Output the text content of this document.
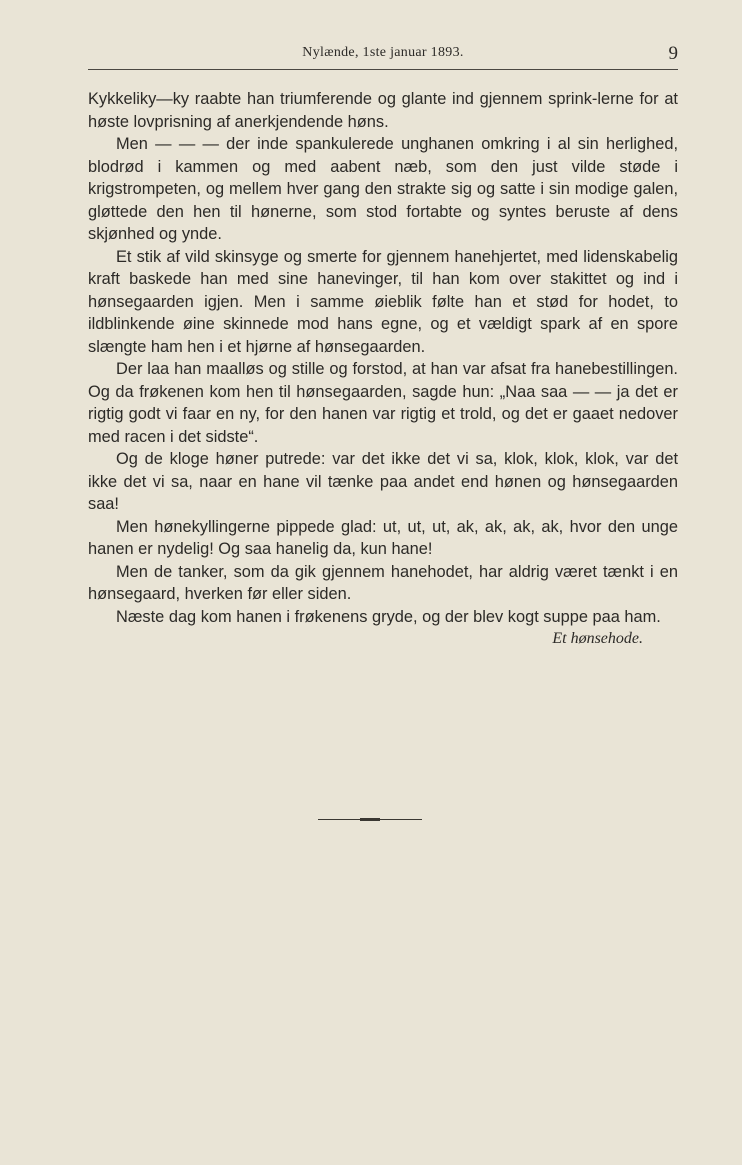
Nylænde, 1ste januar 1893.	9

Kykkeliky—ky raabte han triumferende og glante ind gjennem sprink-lerne for at høste lovprisning af anerkjendende høns.

Men — — — der inde spankulerede unghanen omkring i al sin herlighed, blodrød i kammen og med aabent næb, som den just vilde støde i krigstrompeten, og mellem hver gang den strakte sig og satte i sin modige galen, gløttede den hen til hønerne, som stod fortabte og syntes beruste af dens skjønhed og ynde.

Et stik af vild skinsyge og smerte for gjennem hanehjertet, med lidenskabelig kraft baskede han med sine hanevinger, til han kom over stakittet og ind i hønsegaarden igjen. Men i samme øieblik følte han et stød for hodet, to ildblinkende øine skinnede mod hans egne, og et vældigt spark af en spore slængte ham hen i et hjørne af hønsegaarden.

Der laa han maalløs og stille og forstod, at han var afsat fra hanebestillingen. Og da frøkenen kom hen til hønsegaarden, sagde hun: „Naa saa — — ja det er rigtig godt vi faar en ny, for den hanen var rigtig et trold, og det er gaaet nedover med racen i det sidste“.

Og de kloge høner putrede: var det ikke det vi sa, klok, klok, klok, var det ikke det vi sa, naar en hane vil tænke paa andet end hønen og hønsegaarden saa!

Men hønekyllingerne pippede glad: ut, ut, ut, ak, ak, ak, ak, hvor den unge hanen er nydelig! Og saa hanelig da, kun hane!

Men de tanker, som da gik gjennem hanehodet, har aldrig været tænkt i en hønsegaard, hverken før eller siden.

Næste dag kom hanen i frøkenens gryde, og der blev kogt suppe paa ham.

Et hønsehode.
